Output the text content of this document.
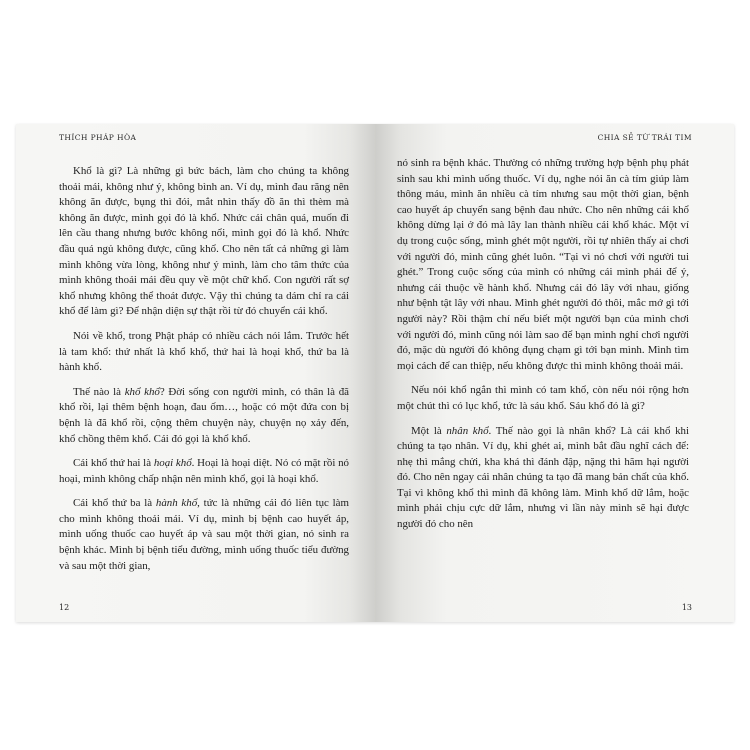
THÍCH PHÁP HÒA

Khổ là gì? Là những gì bức bách, làm cho chúng ta không thoải mái, không như ý, không bình an. Ví dụ, mình đau răng nên không ăn được, bụng thì đói, mắt nhìn thấy đồ ăn thì thèm mà không ăn được, mình gọi đó là khổ. Nhức cái chân quá, muốn đi lên cầu thang nhưng bước không nổi, mình gọi đó là khổ. Nhức đầu quá ngủ không được, cũng khổ. Cho nên tất cả những gì làm mình không vừa lòng, không như ý mình, làm cho tâm thức của mình không thoải mái đều quy về một chữ khổ. Con người rất sợ khổ nhưng không thể thoát được. Vậy thì chúng ta dám chỉ ra cái khổ để làm gì? Để nhận diện sự thật rồi từ đó chuyển cái khổ.

Nói về khổ, trong Phật pháp có nhiều cách nói lắm. Trước hết là tam khổ: thứ nhất là khổ khổ, thứ hai là hoại khổ, thứ ba là hành khổ.

Thế nào là khổ khổ? Đời sống con người mình, có thân là đã khổ rồi, lại thêm bệnh hoạn, đau ốm…, hoặc có một đứa con bị bệnh là đã khổ rồi, cộng thêm chuyện này, chuyện nọ xảy đến, khổ chồng thêm khổ. Cái đó gọi là khổ khổ.

Cái khổ thứ hai là hoại khổ. Hoại là hoại diệt. Nó có mặt rồi nó hoại, mình không chấp nhận nên mình khổ, gọi là hoại khổ.

Cái khổ thứ ba là hành khổ, tức là những cái đó liên tục làm cho mình không thoải mái. Ví dụ, mình bị bệnh cao huyết áp, mình uống thuốc cao huyết áp và sau một thời gian, nó sinh ra bệnh khác. Mình bị bệnh tiểu đường, mình uống thuốc tiểu đường và sau một thời gian,

12
CHIA SẺ TỪ TRÁI TIM

nó sinh ra bệnh khác. Thường có những trường hợp bệnh phụ phát sinh sau khi mình uống thuốc. Ví dụ, nghe nói ăn cà tím giúp làm thông máu, mình ăn nhiều cà tím nhưng sau một thời gian, bệnh cao huyết áp chuyển sang bệnh đau nhức. Cho nên những cái khổ không dừng lại ở đó mà lây lan thành nhiều cái khổ khác. Một ví dụ trong cuộc sống, mình ghét một người, rồi tự nhiên thấy ai chơi với người đó, mình cũng ghét luôn. “Tại vì nó chơi với người tui ghét.” Trong cuộc sống của mình có những cái mình phải để ý, nhưng cái thuộc về hành khổ. Nhưng cái đó lây với nhau, giống như bệnh tật lây với nhau. Mình ghét người đó thôi, mắc mớ gì tới người này? Rồi thậm chí nếu biết một người bạn của mình chơi với người đó, mình cũng nói làm sao để bạn mình nghỉ chơi người đó, mặc dù người đó không đụng chạm gì tới bạn mình. Mình tìm mọi cách để can thiệp, nếu không được thì mình không thoải mái.

Nếu nói khổ ngắn thì mình có tam khổ, còn nếu nói rộng hơn một chút thì có lục khổ, tức là sáu khổ. Sáu khổ đó là gì?

Một là nhân khổ. Thế nào gọi là nhân khổ? Là cái khổ khi chúng ta tạo nhân. Ví dụ, khi ghét ai, mình bắt đầu nghĩ cách để: nhẹ thì mắng chửi, kha khá thì đánh đập, nặng thì hãm hại người đó. Cho nên ngay cái nhân chúng ta tạo đã mang bản chất của khổ. Tại vì không khổ thì mình đã không làm. Mình khổ dữ lắm, hoặc mình phải chịu cực dữ lắm, nhưng vì lần này mình sẽ hại được người đó cho nên

13
